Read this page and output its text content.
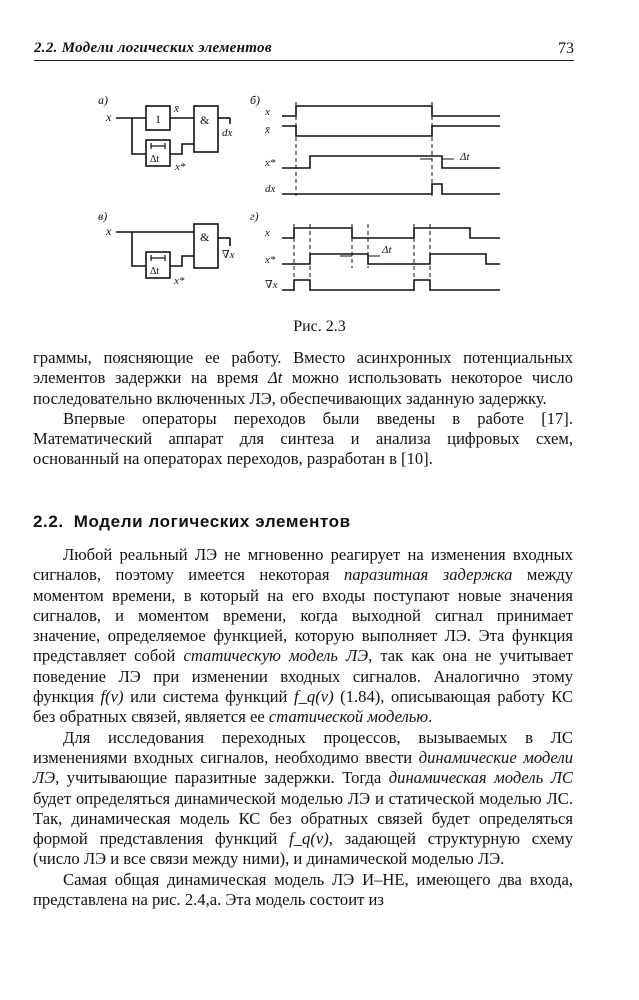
2.2. Модели логических элементов	73
а)
x	1
x̄
&
dx
Δt
x*
б)
x
x̄
x*
dx
Δt
в)
x	&
∇x
Δt
x*
г)
x
x*
∇x
Δt
Рис. 2.3

граммы, поясняющие ее работу. Вместо асинхронных потенциальных элементов задержки на время Δt можно использовать некоторое число последовательно включенных ЛЭ, обеспечивающих заданную задержку.

Впервые операторы переходов были введены в работе [17]. Математический аппарат для синтеза и анализа цифровых схем, основанный на операторах переходов, разработан в [10].

2.2. Модели логических элементов

Любой реальный ЛЭ не мгновенно реагирует на изменения входных сигналов, поэтому имеется некоторая паразитная задержка между моментом времени, в который на его входы поступают новые значения сигналов, и моментом времени, когда выходной сигнал принимает значение, определяемое функцией, которую выполняет ЛЭ. Эта функция представляет собой статическую модель ЛЭ, так как она не учитывает поведение ЛЭ при изменении входных сигналов. Аналогично этому функция f(ν) или система функций f_q(ν) (1.84), описывающая работу КС без обратных связей, является ее статической моделью.

Для исследования переходных процессов, вызываемых в ЛС изменениями входных сигналов, необходимо ввести динамические модели ЛЭ, учитывающие паразитные задержки. Тогда динамическая модель ЛС будет определяться динамической моделью ЛЭ и статической моделью ЛС. Так, динамическая модель КС без обратных связей будет определяться формой представления функций f_q(ν), задающей структурную схему (число ЛЭ и все связи между ними), и динамической моделью ЛЭ.

Самая общая динамическая модель ЛЭ И–НЕ, имеющего два входа, представлена на рис. 2.4,а. Эта модель состоит из
